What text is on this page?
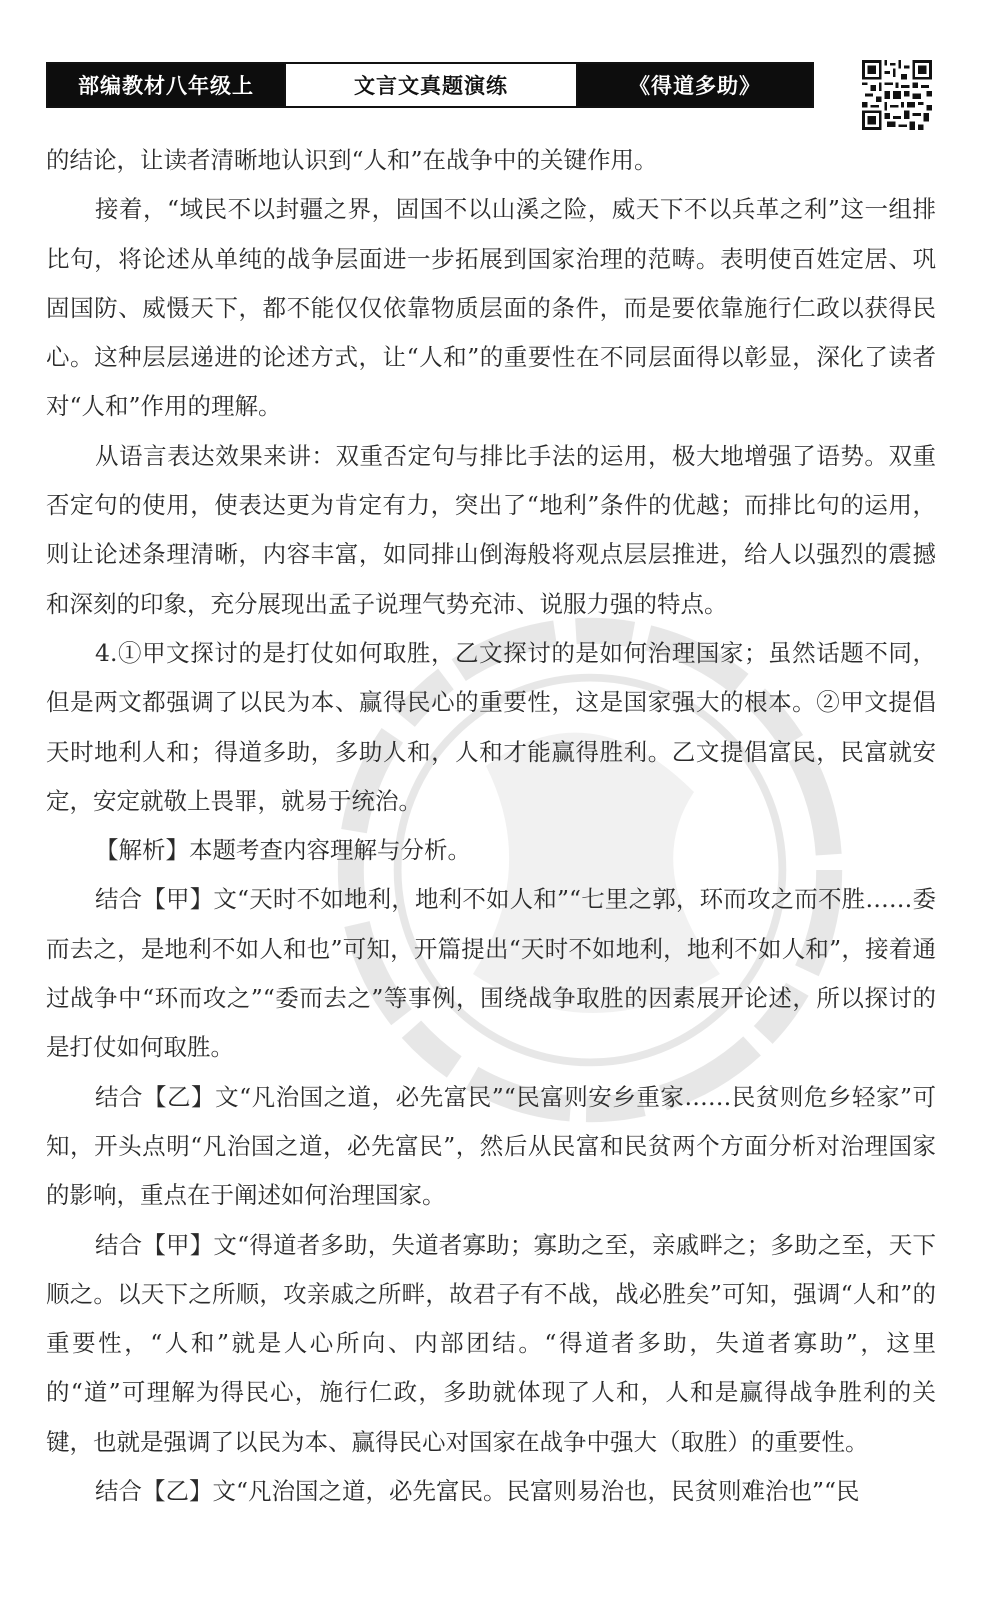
部编教材八年级上	文言文真题演练	《得道多助》

的结论，让读者清晰地认识到“人和”在战争中的关键作用。

接着，“域民不以封疆之界，固国不以山溪之险，威天下不以兵革之利”这一组排比句，将论述从单纯的战争层面进一步拓展到国家治理的范畴。表明使百姓定居、巩固国防、威慑天下，都不能仅仅依靠物质层面的条件，而是要依靠施行仁政以获得民心。这种层层递进的论述方式，让“人和”的重要性在不同层面得以彰显，深化了读者对“人和”作用的理解。

从语言表达效果来讲：双重否定句与排比手法的运用，极大地增强了语势。双重否定句的使用，使表达更为肯定有力，突出了“地利”条件的优越；而排比句的运用，则让论述条理清晰，内容丰富，如同排山倒海般将观点层层推进，给人以强烈的震撼和深刻的印象，充分展现出孟子说理气势充沛、说服力强的特点。

4.①甲文探讨的是打仗如何取胜，乙文探讨的是如何治理国家；虽然话题不同，但是两文都强调了以民为本、赢得民心的重要性，这是国家强大的根本。②甲文提倡天时地利人和；得道多助，多助人和，人和才能赢得胜利。乙文提倡富民，民富就安定，安定就敬上畏罪，就易于统治。

【解析】本题考查内容理解与分析。

结合【甲】文“天时不如地利，地利不如人和”“七里之郭，环而攻之而不胜……委而去之，是地利不如人和也”可知，开篇提出“天时不如地利，地利不如人和”，接着通过战争中“环而攻之”“委而去之”等事例，围绕战争取胜的因素展开论述，所以探讨的是打仗如何取胜。

结合【乙】文“凡治国之道，必先富民”“民富则安乡重家……民贫则危乡轻家”可知，开头点明“凡治国之道，必先富民”，然后从民富和民贫两个方面分析对治理国家的影响，重点在于阐述如何治理国家。

结合【甲】文“得道者多助，失道者寡助；寡助之至，亲戚畔之；多助之至，天下顺之。以天下之所顺，攻亲戚之所畔，故君子有不战，战必胜矣”可知，强调“人和”的重要性，“人和”就是人心所向、内部团结。“得道者多助，失道者寡助”，这里的“道”可理解为得民心，施行仁政，多助就体现了人和，人和是赢得战争胜利的关键，也就是强调了以民为本、赢得民心对国家在战争中强大（取胜）的重要性。

结合【乙】文“凡治国之道，必先富民。民富则易治也，民贫则难治也”“民
